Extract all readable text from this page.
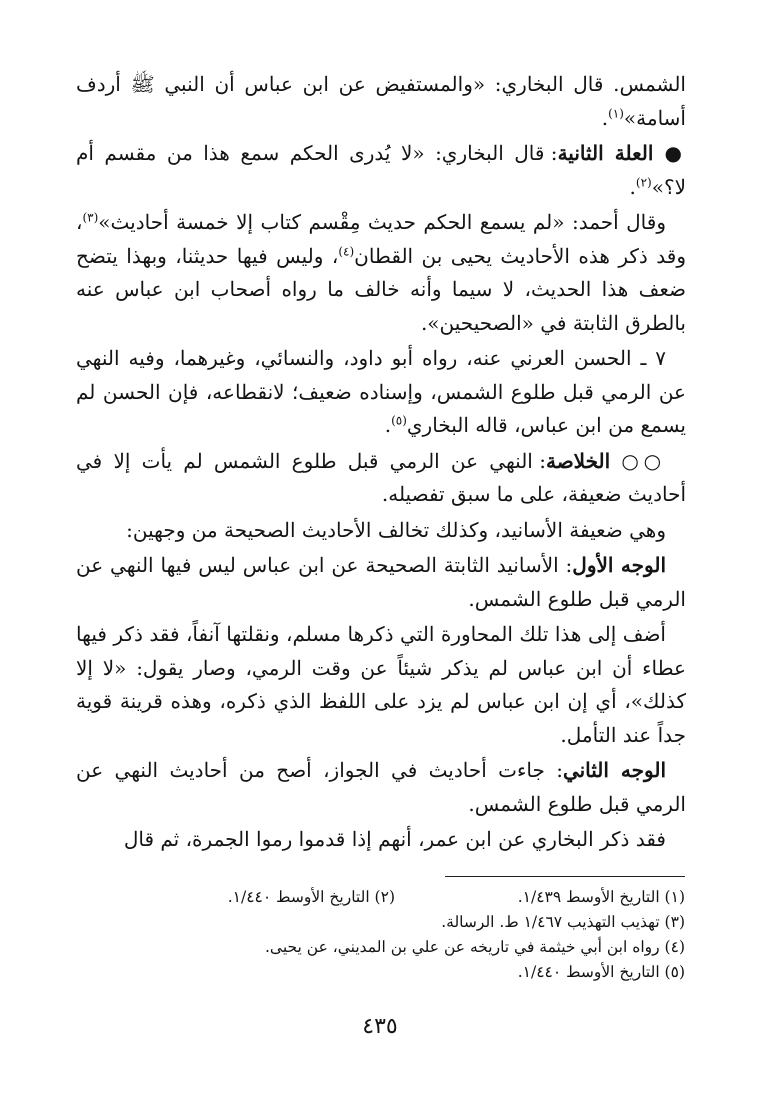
الشمس. قال البخاري: «والمستفيض عن ابن عباس أن النبي ﷺ أردف أسامة»$^{(١)}$.

● العلة الثانية: قال البخاري: «لا يُدرى الحكم سمع هذا من مقسم أم لا؟»$^{(٢)}$.

وقال أحمد: «لم يسمع الحكم حديث مِقْسم كتاب إلا خمسة أحاديث»$^{(٣)}$، وقد ذكر هذه الأحاديث يحيى بن القطان$^{(٤)}$، وليس فيها حديثنا، وبهذا يتضح ضعف هذا الحديث، لا سيما وأنه خالف ما رواه أصحاب ابن عباس عنه بالطرق الثابتة في «الصحيحين».

٧ ـ الحسن العرني عنه، رواه أبو داود، والنسائي، وغيرهما، وفيه النهي عن الرمي قبل طلوع الشمس، وإسناده ضعيف؛ لانقطاعه، فإن الحسن لم يسمع من ابن عباس، قاله البخاري$^{(٥)}$.

○○ الخلاصة: النهي عن الرمي قبل طلوع الشمس لم يأت إلا في أحاديث ضعيفة، على ما سبق تفصيله.

وهي ضعيفة الأسانيد، وكذلك تخالف الأحاديث الصحيحة من وجهين:

الوجه الأول: الأسانيد الثابتة الصحيحة عن ابن عباس ليس فيها النهي عن الرمي قبل طلوع الشمس.

أضف إلى هذا تلك المحاورة التي ذكرها مسلم، ونقلتها آنفاً، فقد ذكر فيها عطاء أن ابن عباس لم يذكر شيئاً عن وقت الرمي، وصار يقول: «لا إلا كذلك»، أي إن ابن عباس لم يزد على اللفظ الذي ذكره، وهذه قرينة قوية جداً عند التأمل.

الوجه الثاني: جاءت أحاديث في الجواز، أصح من أحاديث النهي عن الرمي قبل طلوع الشمس.

فقد ذكر البخاري عن ابن عمر، أنهم إذا قدموا رموا الجمرة، ثم قال

(١) التاريخ الأوسط ١/٤٣٩.
(٢) التاريخ الأوسط ١/٤٤٠.
(٣) تهذيب التهذيب ١/٤٦٧ ط. الرسالة.
(٤) رواه ابن أبي خيثمة في تاريخه عن علي بن المديني، عن يحيى.
(٥) التاريخ الأوسط ١/٤٤٠.
٤٣٥
